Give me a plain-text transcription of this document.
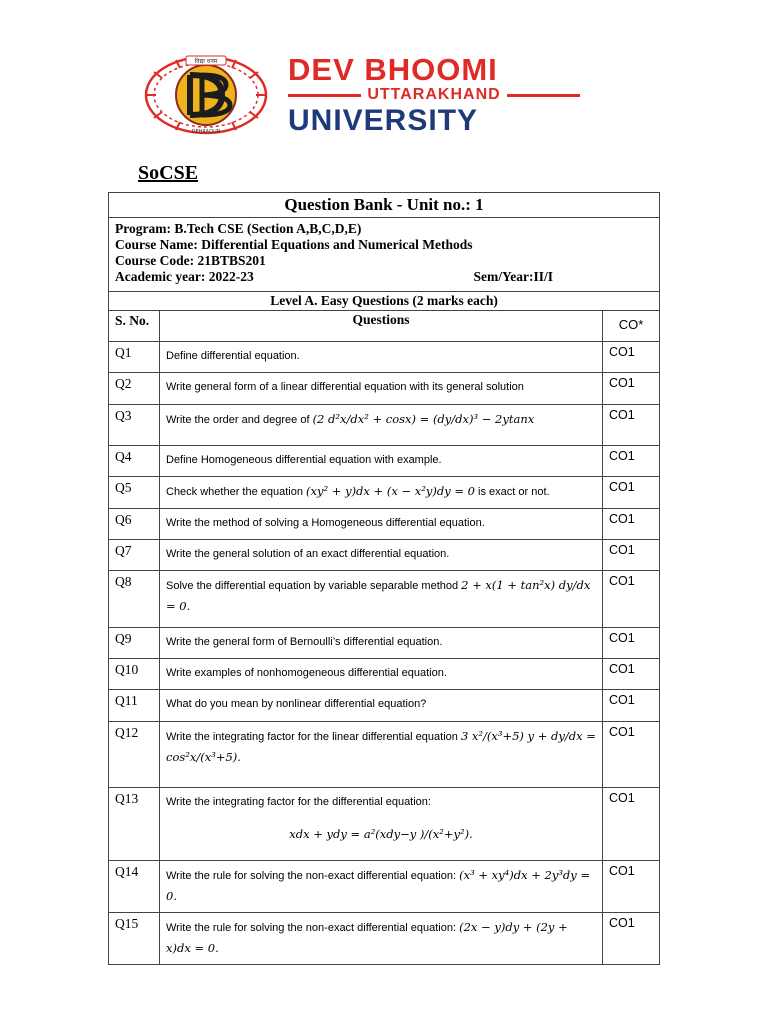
विद्या धनम
DEHRADUN
DEV BHOOMI
UTTARAKHAND
UNIVERSITY
SoCSE
Question Bank - Unit no.: 1		

Program: B.Tech CSE (Section A,B,C,D,E)
Course Name: Differential Equations and Numerical Methods
Course Code: 21BTBS201
Academic year: 2022-23 Sem/Year:II/I		

Level A. Easy Questions (2 marks each)		
S. No.	Questions	CO*
Q1	Define differential equation.	CO1
Q2	Write general form of a linear differential equation with its general solution	CO1
Q3	Write the order and degree of (2 d²x/dx² + cosx) = (dy/dx)³ − 2ytanx	CO1
Q4	Define Homogeneous differential equation with example.	CO1
Q5	Check whether the equation (xy² + y)dx + (x − x²y)dy = 0 is exact or not.	CO1
Q6	Write the method of solving a Homogeneous differential equation.	CO1
Q7	Write the general solution of an exact differential equation.	CO1
Q8	Solve the differential equation by variable separable method 2 + x(1 + tan²x) dy/dx = 0.	CO1
Q9	Write the general form of Bernoulli’s differential equation.	CO1
Q10	Write examples of nonhomogeneous differential equation.	CO1
Q11	What do you mean by nonlinear differential equation?	CO1
Q12	Write the integrating factor for the linear differential equation 3 x²/(x³+5) y + dy/dx = cos²x/(x³+5).	CO1
Q13	Write the integrating factor for the differential equation:
xdx + ydy = a²(xdy−y )/(x²+y²).	CO1
Q14	Write the rule for solving the non-exact differential equation: (x³ + xy⁴)dx + 2y³dy = 0.	CO1
Q15	Write the rule for solving the non-exact differential equation: (2x − y)dy + (2y + x)dx = 0.	CO1
